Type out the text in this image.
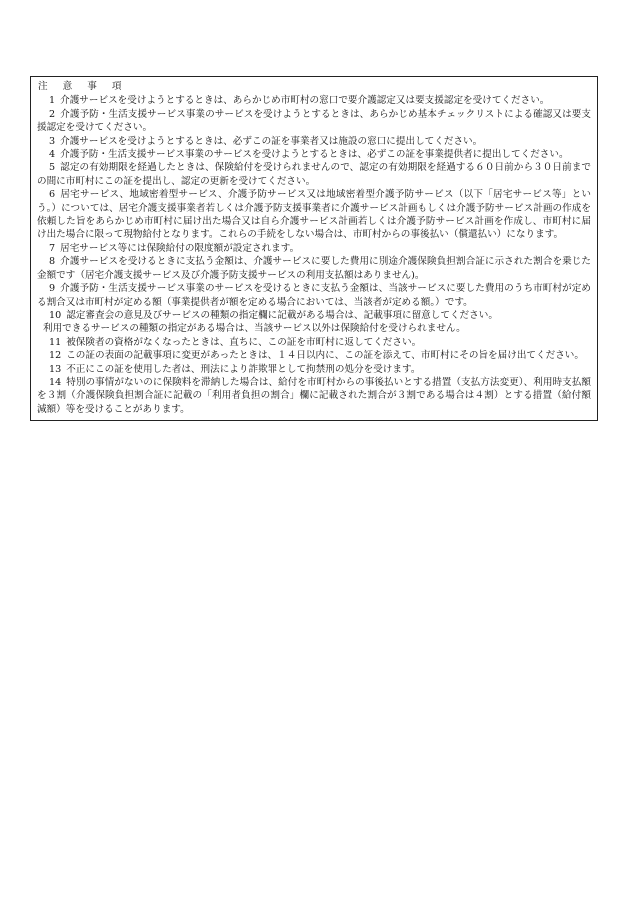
注 意 事 項

1 介護サービスを受けようとするときは、あらかじめ市町村の窓口で要介護認定又は要支援認定を受けてください。

2 介護予防・生活支援サービス事業のサービスを受けようとするときは、あらかじめ基本チェックリストによる確認又は要支援認定を受けてください。

3 介護サービスを受けようとするときは、必ずこの証を事業者又は施設の窓口に提出してください。

4 介護予防・生活支援サービス事業のサービスを受けようとするときは、必ずこの証を事業提供者に提出してください。

5 認定の有効期限を経過したときは、保険給付を受けられませんので、認定の有効期限を経過する６０日前から３０日前までの間に市町村にこの証を提出し、認定の更新を受けてください。

6 居宅サービス、地域密着型サービス、介護予防サービス又は地域密着型介護予防サービス（以下「居宅サービス等」という。）については、居宅介護支援事業者若しくは介護予防支援事業者に介護サービス計画もしくは介護予防サービス計画の作成を依頼した旨をあらかじめ市町村に届け出た場合又は自ら介護サービス計画若しくは介護予防サービス計画を作成し、市町村に届け出た場合に限って現物給付となります。これらの手続をしない場合は、市町村からの事後払い（償還払い）になります。

7 居宅サービス等には保険給付の限度額が設定されます。

8 介護サービスを受けるときに支払う金額は、介護サービスに要した費用に別途介護保険負担割合証に示された割合を乗じた金額です（居宅介護支援サービス及び介護予防支援サービスの利用支払額はありません)。

9 介護予防・生活支援サービス事業のサービスを受けるときに支払う金額は、当該サービスに要した費用のうち市町村が定める割合又は市町村が定める額（事業提供者が額を定める場合においては、当該者が定める額。）です。

10 認定審査会の意見及びサービスの種類の指定欄に記載がある場合は、記載事項に留意してください。

利用できるサービスの種類の指定がある場合は、当該サービス以外は保険給付を受けられません。

11 被保険者の資格がなくなったときは、直ちに、この証を市町村に返してください。

12 この証の表面の記載事項に変更があったときは、１４日以内に、この証を添えて、市町村にその旨を届け出てください。

13 不正にこの証を使用した者は、刑法により詐欺罪として拘禁刑の処分を受けます。

14 特別の事情がないのに保険料を滞納した場合は、給付を市町村からの事後払いとする措置（支払方法変更）、利用時支払額を３割（介護保険負担割合証に記載の「利用者負担の割合」欄に記載された割合が３割である場合は４割）とする措置（給付額減額）等を受けることがあります。
